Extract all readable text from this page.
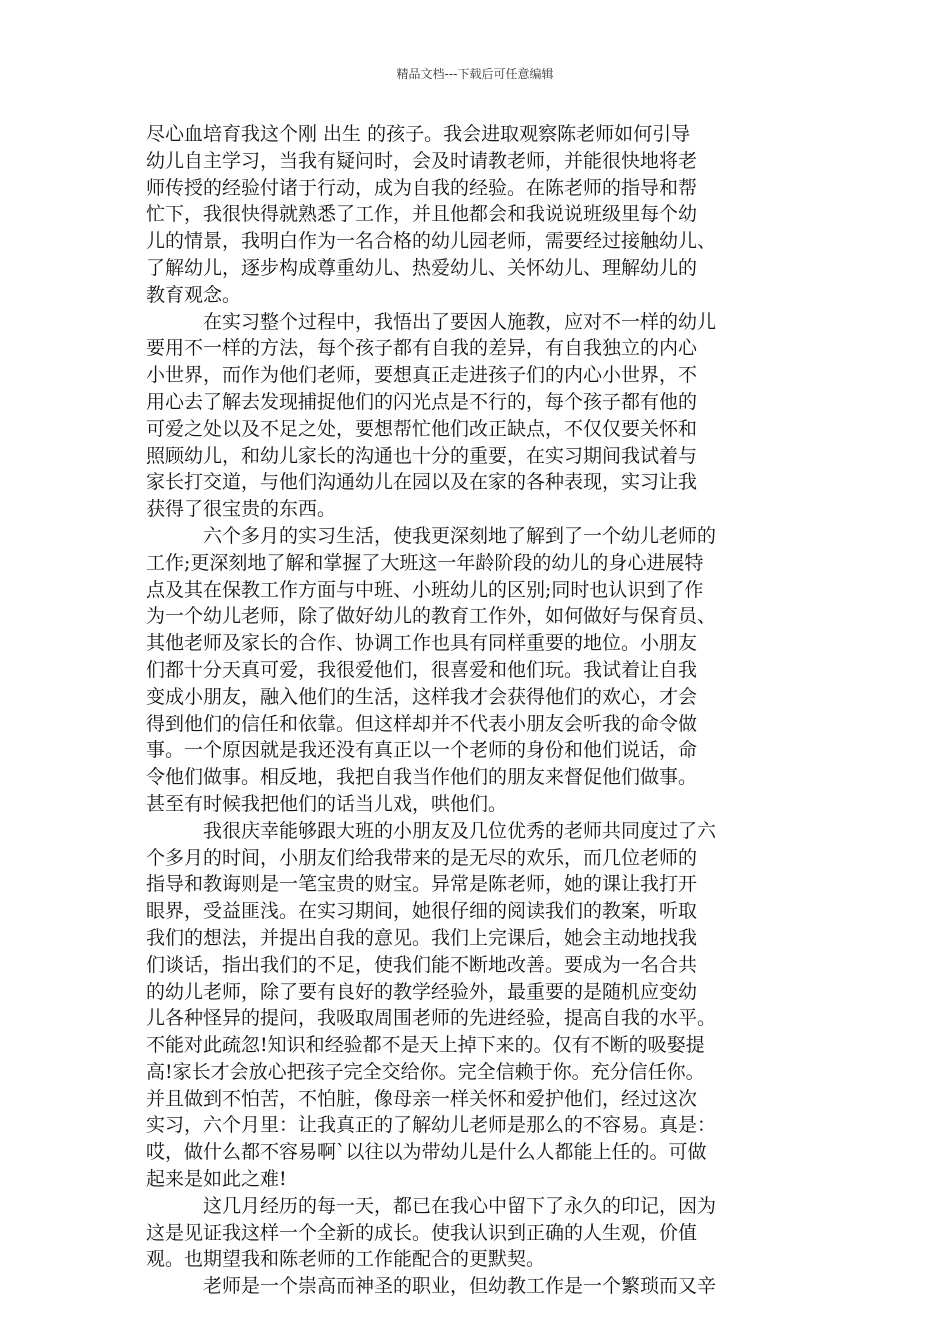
精品文档---下载后可任意编辑
尽心血培育我这个刚 出生 的孩子。我会进取观察陈老师如何引导
幼儿自主学习，当我有疑问时，会及时请教老师，并能很快地将老
师传授的经验付诸于行动，成为自我的经验。在陈老师的指导和帮
忙下，我很快得就熟悉了工作，并且他都会和我说说班级里每个幼
儿的情景，我明白作为一名合格的幼儿园老师，需要经过接触幼儿、
了解幼儿，逐步构成尊重幼儿、热爱幼儿、关怀幼儿、理解幼儿的
教育观念。
在实习整个过程中，我悟出了要因人施教，应对不一样的幼儿
要用不一样的方法，每个孩子都有自我的差异，有自我独立的内心
小世界，而作为他们老师，要想真正走进孩子们的内心小世界，不
用心去了解去发现捕捉他们的闪光点是不行的，每个孩子都有他的
可爱之处以及不足之处，要想帮忙他们改正缺点，不仅仅要关怀和
照顾幼儿，和幼儿家长的沟通也十分的重要，在实习期间我试着与
家长打交道，与他们沟通幼儿在园以及在家的各种表现，实习让我
获得了很宝贵的东西。
六个多月的实习生活，使我更深刻地了解到了一个幼儿老师的
工作;更深刻地了解和掌握了大班这一年龄阶段的幼儿的身心进展特
点及其在保教工作方面与中班、小班幼儿的区别;同时也认识到了作
为一个幼儿老师，除了做好幼儿的教育工作外，如何做好与保育员、
其他老师及家长的合作、协调工作也具有同样重要的地位。小朋友
们都十分天真可爱，我很爱他们，很喜爱和他们玩。我试着让自我
变成小朋友，融入他们的生活，这样我才会获得他们的欢心，才会
得到他们的信任和依靠。但这样却并不代表小朋友会听我的命令做
事。一个原因就是我还没有真正以一个老师的身份和他们说话，命
令他们做事。相反地，我把自我当作他们的朋友来督促他们做事。
甚至有时候我把他们的话当儿戏，哄他们。
我很庆幸能够跟大班的小朋友及几位优秀的老师共同度过了六
个多月的时间，小朋友们给我带来的是无尽的欢乐，而几位老师的
指导和教诲则是一笔宝贵的财宝。异常是陈老师，她的课让我打开
眼界，受益匪浅。在实习期间，她很仔细的阅读我们的教案，听取
我们的想法，并提出自我的意见。我们上完课后，她会主动地找我
们谈话，指出我们的不足，使我们能不断地改善。要成为一名合共
的幼儿老师，除了要有良好的教学经验外，最重要的是随机应变幼
儿各种怪异的提问，我吸取周围老师的先进经验，提高自我的水平。
不能对此疏忽!知识和经验都不是天上掉下来的。仅有不断的吸娶提
高!家长才会放心把孩子完全交给你。完全信赖于你。充分信任你。
并且做到不怕苦，不怕脏，像母亲一样关怀和爱护他们，经过这次
实习，六个月里：让我真正的了解幼儿老师是那么的不容易。真是：
哎，做什么都不容易啊`以往以为带幼儿是什么人都能上任的。可做
起来是如此之难!
这几月经历的每一天，都已在我心中留下了永久的印记，因为
这是见证我这样一个全新的成长。使我认识到正确的人生观，价值
观。也期望我和陈老师的工作能配合的更默契。
老师是一个崇高而神圣的职业，但幼教工作是一个繁琐而又辛
